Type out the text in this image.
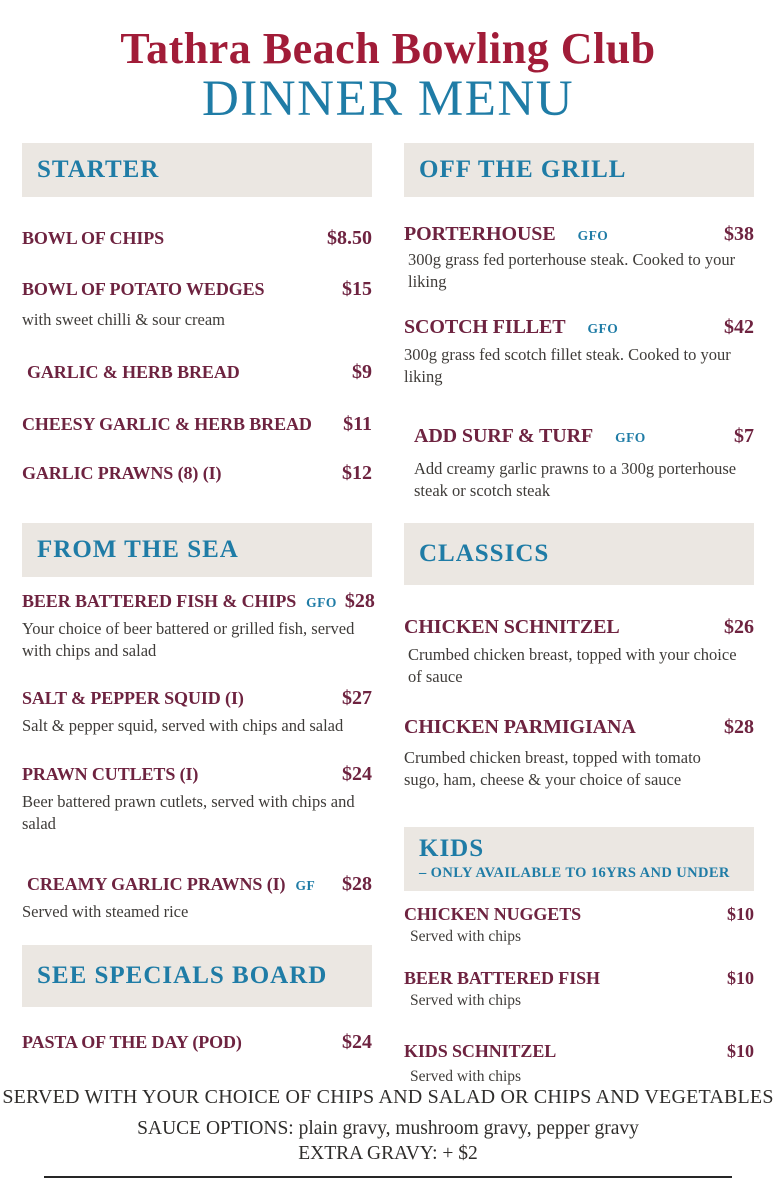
Tathra Beach Bowling Club
DINNER MENU
STARTER
BOWL OF CHIPS	$8.50
BOWL OF POTATO WEDGES	$15
with sweet chilli & sour cream
GARLIC & HERB BREAD	$9
CHEESY GARLIC & HERB BREAD	$11
GARLIC PRAWNS (8) (I)	$12
FROM THE SEA
BEER BATTERED FISH & CHIPS GFO $28
Your choice of beer battered or grilled fish, served with chips and salad
SALT & PEPPER SQUID (I)	$27
Salt & pepper squid, served with chips and salad
PRAWN CUTLETS (I)	$24
Beer battered prawn cutlets, served with chips and salad
CREAMY GARLIC PRAWNS (I) GF	$28
Served with steamed rice
SEE SPECIALS BOARD
PASTA OF THE DAY (POD)	$24
OFF THE GRILL
PORTERHOUSE GFO	$38
300g grass fed porterhouse steak. Cooked to your liking
SCOTCH FILLET GFO	$42
300g grass fed scotch fillet steak. Cooked to your liking
ADD SURF & TURF GFO	$7
Add creamy garlic prawns to a 300g porterhouse steak or scotch steak
CLASSICS
CHICKEN SCHNITZEL	$26
Crumbed chicken breast, topped with your choice of sauce
CHICKEN PARMIGIANA	$28
Crumbed chicken breast, topped with tomato sugo, ham, cheese & your choice of sauce
KIDS
– ONLY AVAILABLE TO 16YRS AND UNDER
CHICKEN NUGGETS	$10
Served with chips
BEER BATTERED FISH	$10
Served with chips
KIDS SCHNITZEL	$10
Served with chips
SERVED WITH YOUR CHOICE OF CHIPS AND SALAD OR CHIPS AND VEGETABLES
SAUCE OPTIONS: plain gravy, mushroom gravy, pepper gravy
EXTRA GRAVY: + $2
